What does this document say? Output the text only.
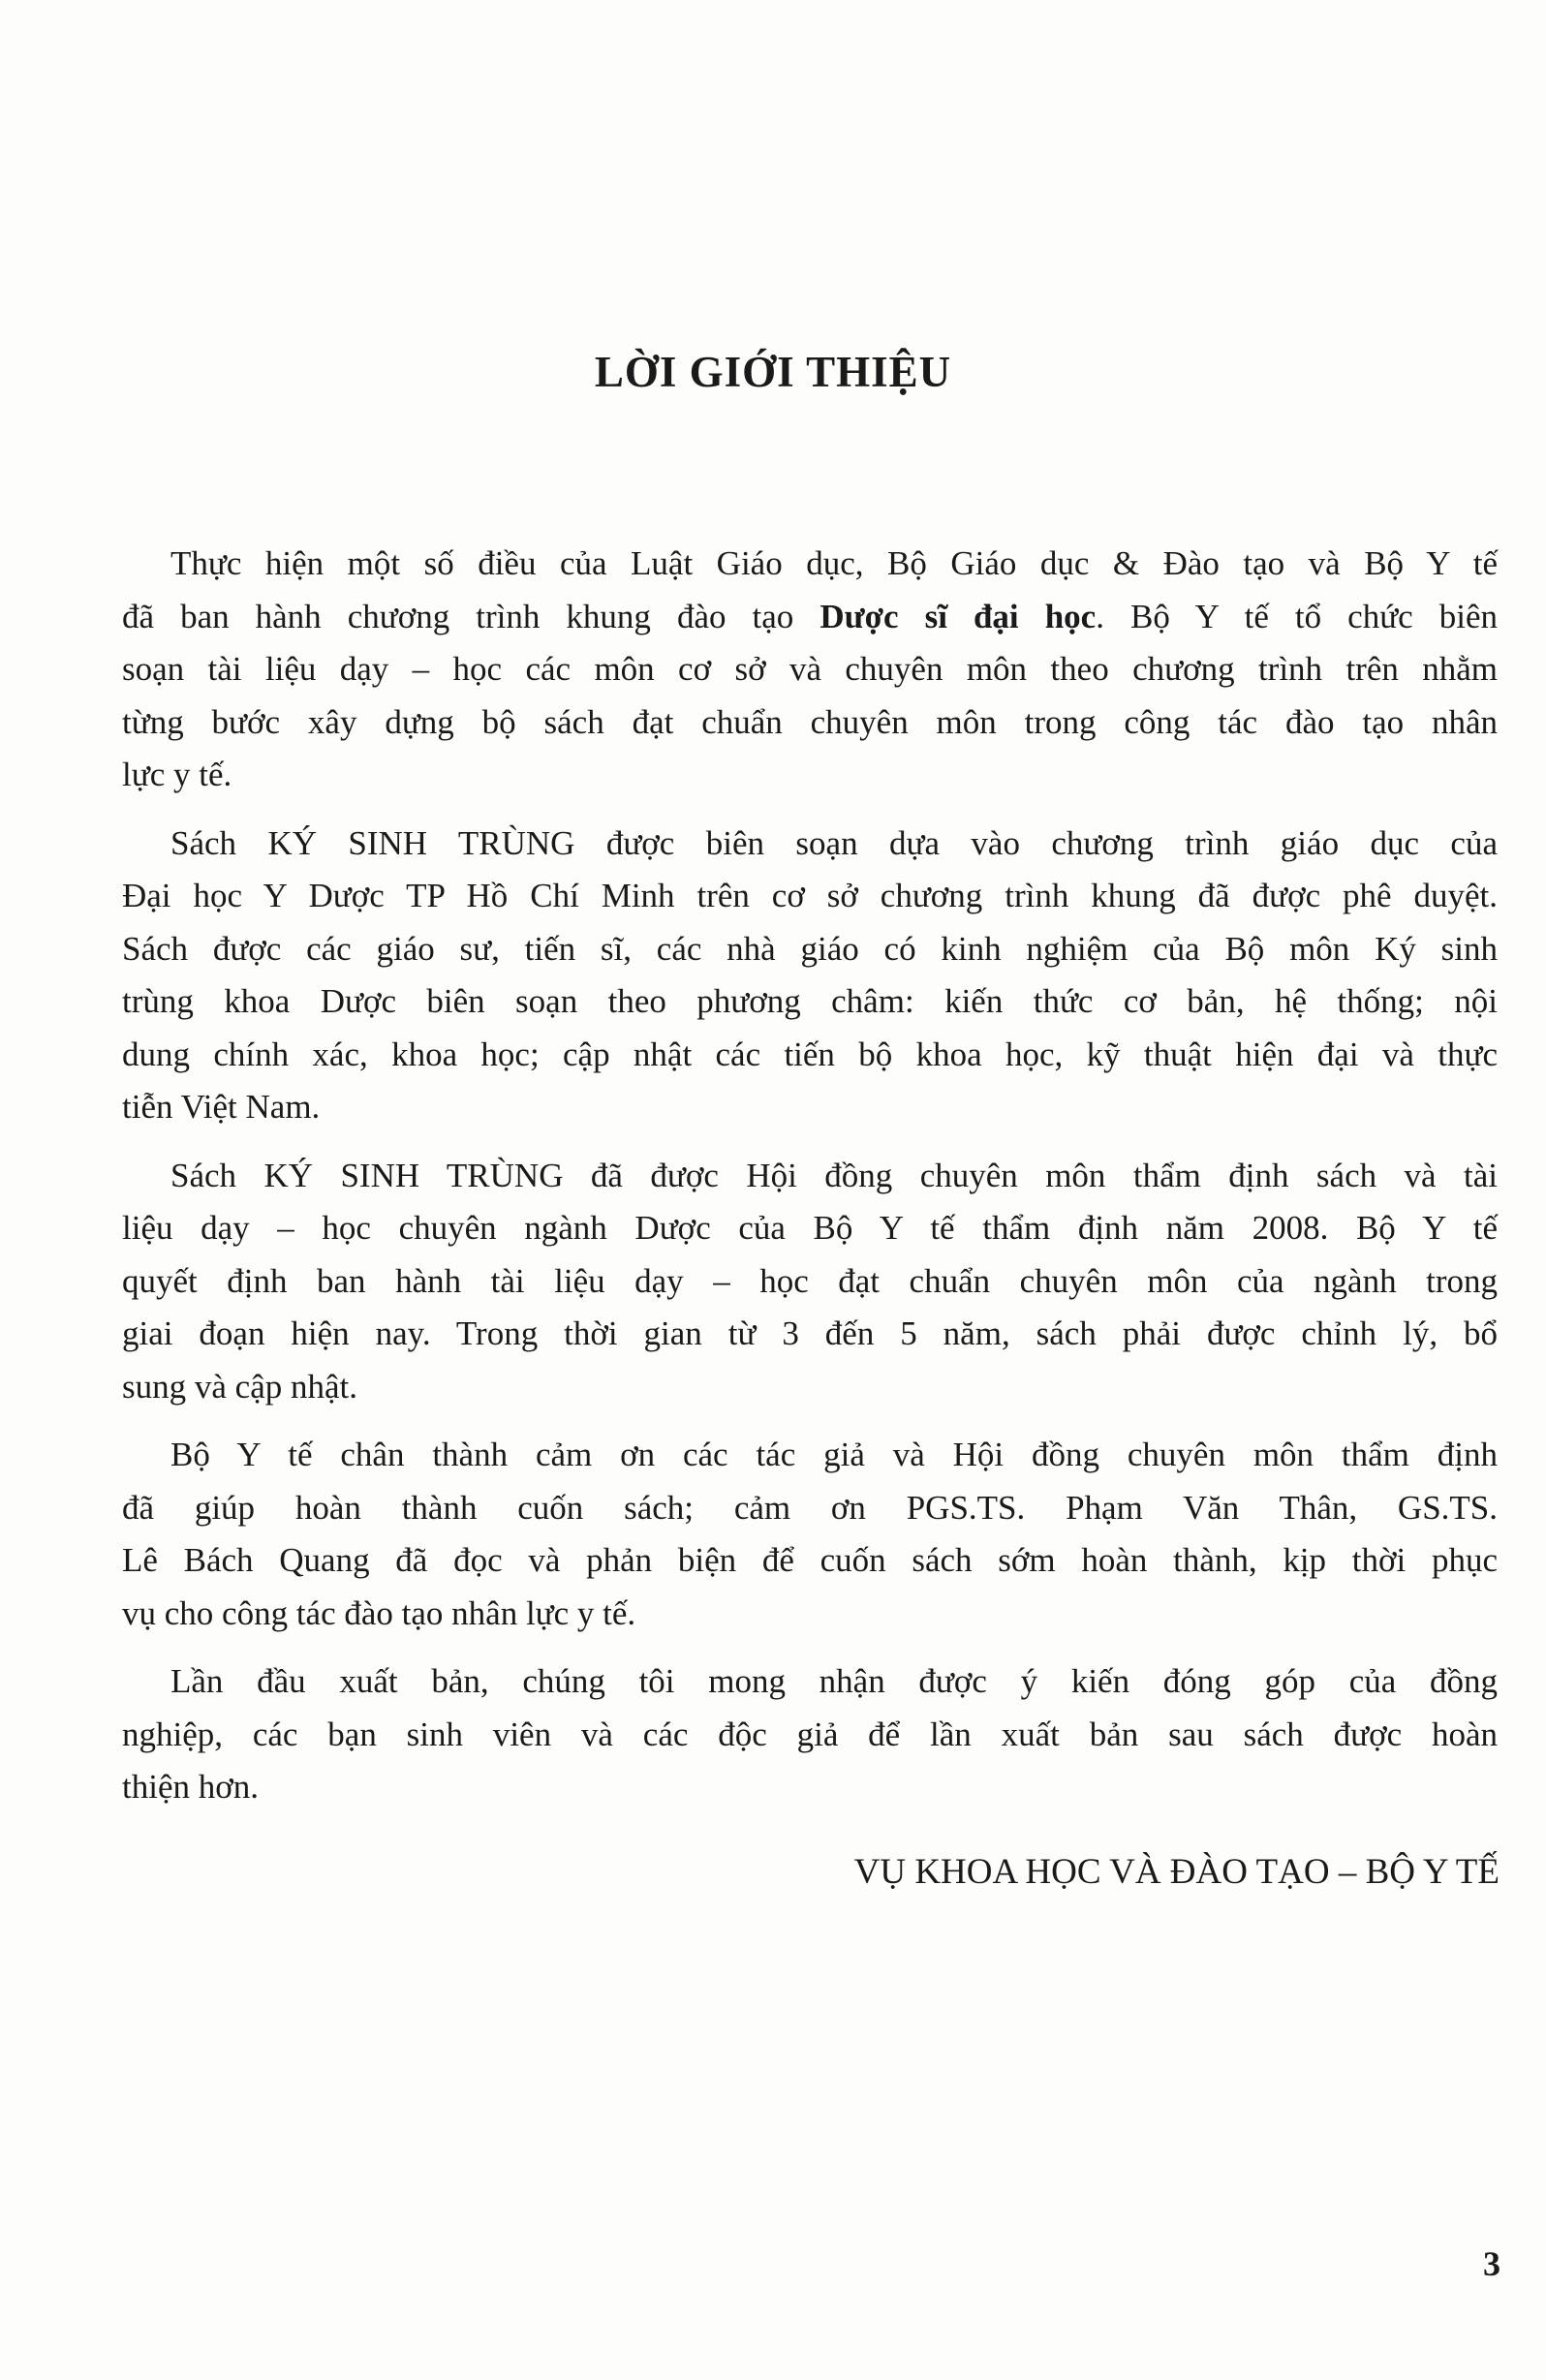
LỜI GIỚI THIỆU
Thực hiện một số điều của Luật Giáo dục, Bộ Giáo dục & Đào tạo và Bộ Y tế
đã ban hành chương trình khung đào tạo Dược sĩ đại học. Bộ Y tế tổ chức biên
soạn tài liệu dạy – học các môn cơ sở và chuyên môn theo chương trình trên nhằm
từng bước xây dựng bộ sách đạt chuẩn chuyên môn trong công tác đào tạo nhân
lực y tế.
Sách KÝ SINH TRÙNG được biên soạn dựa vào chương trình giáo dục của
Đại học Y Dược TP Hồ Chí Minh trên cơ sở chương trình khung đã được phê duyệt.
Sách được các giáo sư, tiến sĩ, các nhà giáo có kinh nghiệm của Bộ môn Ký sinh
trùng khoa Dược biên soạn theo phương châm: kiến thức cơ bản, hệ thống; nội
dung chính xác, khoa học; cập nhật các tiến bộ khoa học, kỹ thuật hiện đại và thực
tiễn Việt Nam.
Sách KÝ SINH TRÙNG đã được Hội đồng chuyên môn thẩm định sách và tài
liệu dạy – học chuyên ngành Dược của Bộ Y tế thẩm định năm 2008. Bộ Y tế
quyết định ban hành tài liệu dạy – học đạt chuẩn chuyên môn của ngành trong
giai đoạn hiện nay. Trong thời gian từ 3 đến 5 năm, sách phải được chỉnh lý, bổ
sung và cập nhật.
Bộ Y tế chân thành cảm ơn các tác giả và Hội đồng chuyên môn thẩm định
đã giúp hoàn thành cuốn sách; cảm ơn PGS.TS. Phạm Văn Thân, GS.TS.
Lê Bách Quang đã đọc và phản biện để cuốn sách sớm hoàn thành, kịp thời phục
vụ cho công tác đào tạo nhân lực y tế.
Lần đầu xuất bản, chúng tôi mong nhận được ý kiến đóng góp của đồng
nghiệp, các bạn sinh viên và các độc giả để lần xuất bản sau sách được hoàn
thiện hơn.
VỤ KHOA HỌC VÀ ĐÀO TẠO – BỘ Y TẾ
3
